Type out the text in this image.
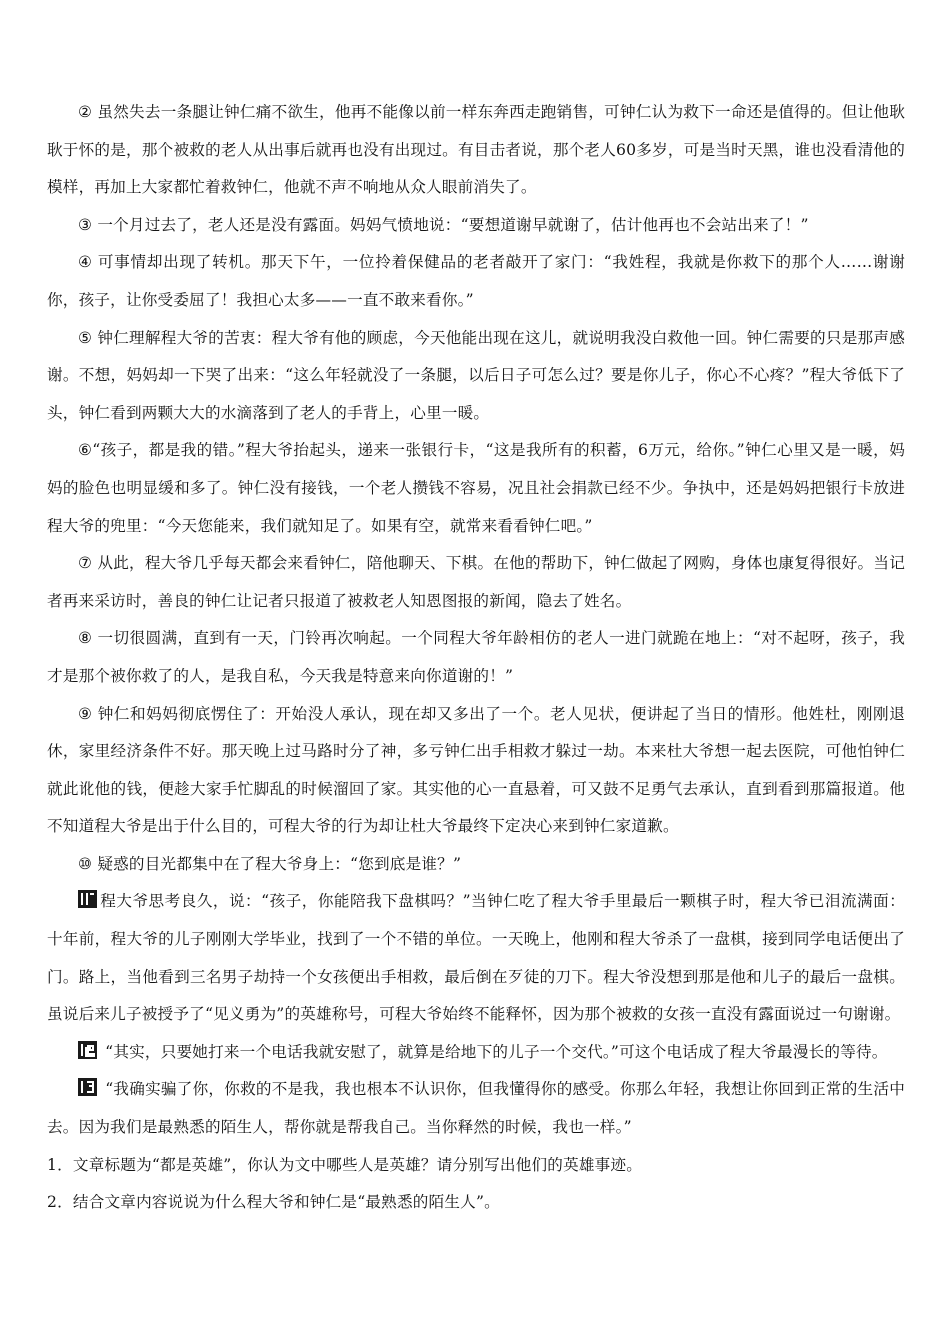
② 虽然失去一条腿让钟仁痛不欲生，他再不能像以前一样东奔西走跑销售，可钟仁认为救下一命还是值得的。但让他耿耿于怀的是，那个被救的老人从出事后就再也没有出现过。有目击者说，那个老人60多岁，可是当时天黑，谁也没看清他的模样，再加上大家都忙着救钟仁，他就不声不响地从众人眼前消失了。

③ 一个月过去了，老人还是没有露面。妈妈气愤地说：“要想道谢早就谢了，估计他再也不会站出来了！”

④ 可事情却出现了转机。那天下午，一位拎着保健品的老者敲开了家门：“我姓程，我就是你救下的那个人……谢谢你，孩子，让你受委屈了！我担心太多——一直不敢来看你。”

⑤ 钟仁理解程大爷的苦衷：程大爷有他的顾虑，今天他能出现在这儿，就说明我没白救他一回。钟仁需要的只是那声感谢。不想，妈妈却一下哭了出来：“这么年轻就没了一条腿，以后日子可怎么过？要是你儿子，你心不心疼？”程大爷低下了头，钟仁看到两颗大大的水滴落到了老人的手背上，心里一暖。

⑥“孩子，都是我的错。”程大爷抬起头，递来一张银行卡，“这是我所有的积蓄，6万元，给你。”钟仁心里又是一暖，妈妈的脸色也明显缓和多了。钟仁没有接钱，一个老人攒钱不容易，况且社会捐款已经不少。争执中，还是妈妈把银行卡放进程大爷的兜里：“今天您能来，我们就知足了。如果有空，就常来看看钟仁吧。”

⑦ 从此，程大爷几乎每天都会来看钟仁，陪他聊天、下棋。在他的帮助下，钟仁做起了网购，身体也康复得很好。当记者再来采访时，善良的钟仁让记者只报道了被救老人知恩图报的新闻，隐去了姓名。

⑧ 一切很圆满，直到有一天，门铃再次响起。一个同程大爷年龄相仿的老人一进门就跪在地上：“对不起呀，孩子，我才是那个被你救了的人，是我自私，今天我是特意来向你道谢的！”

⑨ 钟仁和妈妈彻底愣住了：开始没人承认，现在却又多出了一个。老人见状，便讲起了当日的情形。他姓杜，刚刚退休，家里经济条件不好。那天晚上过马路时分了神，多亏钟仁出手相救才躲过一劫。本来杜大爷想一起去医院，可他怕钟仁就此讹他的钱，便趁大家手忙脚乱的时候溜回了家。其实他的心一直悬着，可又鼓不足勇气去承认，直到看到那篇报道。他不知道程大爷是出于什么目的，可程大爷的行为却让杜大爷最终下定决心来到钟仁家道歉。

⑩ 疑惑的目光都集中在了程大爷身上：“您到底是谁？”

程大爷思考良久，说：“孩子，你能陪我下盘棋吗？”当钟仁吃了程大爷手里最后一颗棋子时，程大爷已泪流满面：十年前，程大爷的儿子刚刚大学毕业，找到了一个不错的单位。一天晚上，他刚和程大爷杀了一盘棋，接到同学电话便出了门。路上，当他看到三名男子劫持一个女孩便出手相救，最后倒在歹徒的刀下。程大爷没想到那是他和儿子的最后一盘棋。虽说后来儿子被授予了“见义勇为”的英雄称号，可程大爷始终不能释怀，因为那个被救的女孩一直没有露面说过一句谢谢。

“其实，只要她打来一个电话我就安慰了，就算是给地下的儿子一个交代。”可这个电话成了程大爷最漫长的等待。

“我确实骗了你，你救的不是我，我也根本不认识你，但我懂得你的感受。你那么年轻，我想让你回到正常的生活中去。因为我们是最熟悉的陌生人，帮你就是帮我自己。当你释然的时候，我也一样。”

1．文章标题为“都是英雄”，你认为文中哪些人是英雄？请分别写出他们的英雄事迹。

2．结合文章内容说说为什么程大爷和钟仁是“最熟悉的陌生人”。
